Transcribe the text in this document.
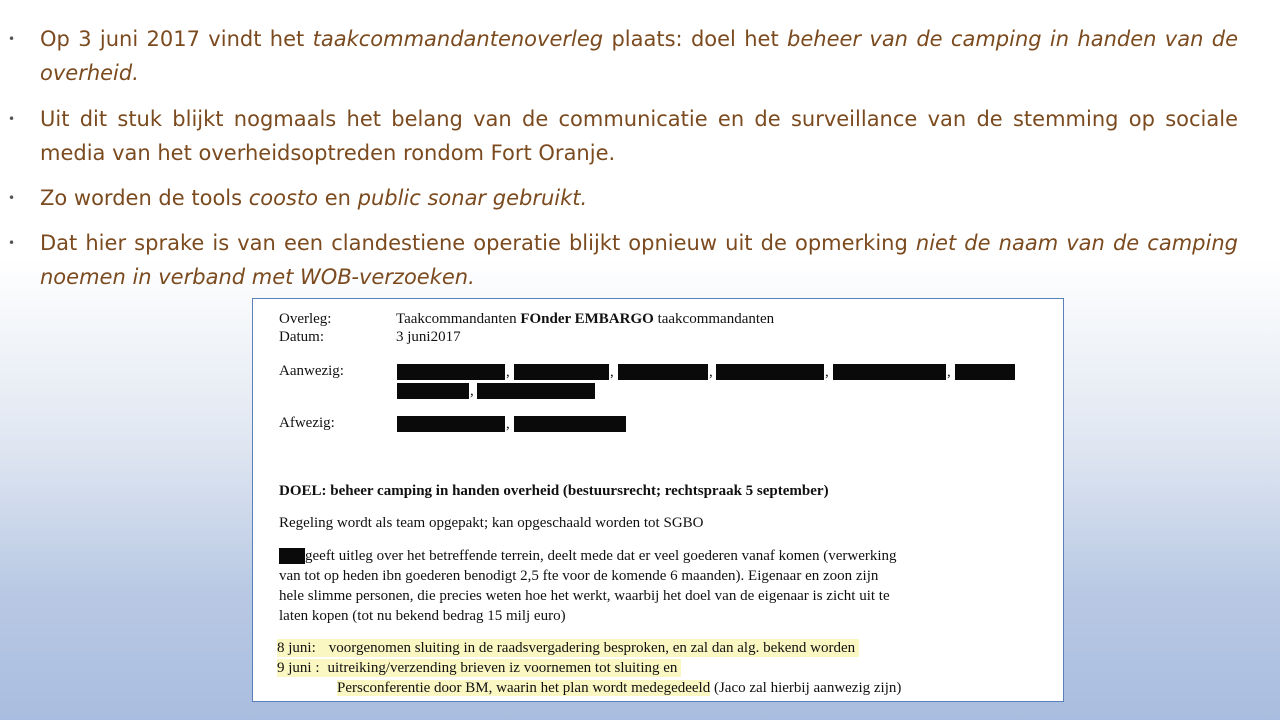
• Op 3 juni 2017 vindt het taakcommandantenoverleg plaats: doel het beheer van de camping in handen van de overheid.
• Uit dit stuk blijkt nogmaals het belang van de communicatie en de surveillance van de stemming op sociale media van het overheidsoptreden rondom Fort Oranje.
• Zo worden de tools coosto en public sonar gebruikt.
• Dat hier sprake is van een clandestiene operatie blijkt opnieuw uit de opmerking niet de naam van de camping noemen in verband met WOB-verzoeken.
Overleg:	Taakcommandanten FOnder EMBARGO taakcommandanten
Datum:	3 juni2017
Aanwezig:	,	,	,	,	,
,
Afwezig:	,
DOEL: beheer camping in handen overheid (bestuursrecht; rechtspraak 5 september)
Regeling wordt als team opgepakt; kan opgeschaald worden tot SGBO
geeft uitleg over het betreffende terrein, deelt mede dat er veel goederen vanaf komen (verwerking
van tot op heden ibn goederen benodigt 2,5 fte voor de komende 6 maanden). Eigenaar en zoon zijn
hele slimme personen, die precies weten hoe het werkt, waarbij het doel van de eigenaar is zicht uit te
laten kopen (tot nu bekend bedrag 15 milj euro)
8 juni: voorgenomen sluiting in de raadsvergadering besproken, en zal dan alg. bekend worden
9 juni : uitreiking/verzending brieven iz voornemen tot sluiting en
Persconferentie door BM, waarin het plan wordt medegedeeld (Jaco zal hierbij aanwezig zijn)
